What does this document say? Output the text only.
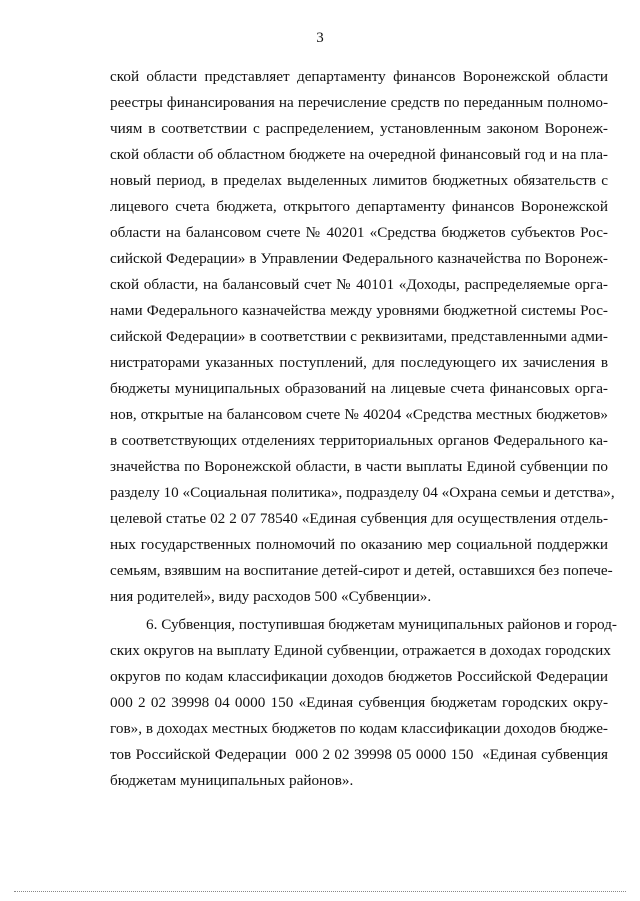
3
ской области представляет департаменту финансов Воронежской области
реестры финансирования на перечисление средств по переданным полномо-
чиям в соответствии с распределением, установленным законом Воронеж-
ской области об областном бюджете на очередной финансовый год и на пла-
новый период, в пределах выделенных лимитов бюджетных обязательств с
лицевого счета бюджета, открытого департаменту финансов Воронежской
области на балансовом счете № 40201 «Средства бюджетов субъектов Рос-
сийской Федерации» в Управлении Федерального казначейства по Воронеж-
ской области, на балансовый счет № 40101 «Доходы, распределяемые орга-
нами Федерального казначейства между уровнями бюджетной системы Рос-
сийской Федерации» в соответствии с реквизитами, представленными адми-
нистраторами указанных поступлений, для последующего их зачисления в
бюджеты муниципальных образований на лицевые счета финансовых орга-
нов, открытые на балансовом счете № 40204 «Средства местных бюджетов»
в соответствующих отделениях территориальных органов Федерального ка-
значейства по Воронежской области, в части выплаты Единой субвенции по
разделу 10 «Социальная политика», подразделу 04 «Охрана семьи и детства»,
целевой статье 02 2 07 78540 «Единая субвенция для осуществления отдель-
ных государственных полномочий по оказанию мер социальной поддержки
семьям, взявшим на воспитание детей-сирот и детей, оставшихся без попече-
ния родителей», виду расходов 500 «Субвенции».
6. Субвенция, поступившая бюджетам муниципальных районов и город-
ских округов на выплату Единой субвенции, отражается в доходах городских
округов по кодам классификации доходов бюджетов Российской Федерации
000 2 02 39998 04 0000 150 «Единая субвенция бюджетам городских окру-
гов», в доходах местных бюджетов по кодам классификации доходов бюдже-
тов Российской Федерации  000 2 02 39998 05 0000 150  «Единая субвенция
бюджетам муниципальных районов».
